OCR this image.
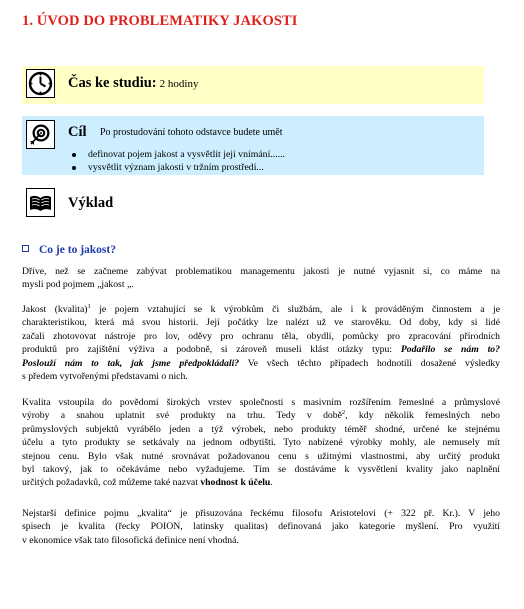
1. ÚVOD DO PROBLEMATIKY JAKOSTI
Čas ke studiu: 2 hodiny
Cíl Po prostudování tohoto odstavce budete umět
definovat pojem jakost a vysvětlit její vnímání......
vysvětlit význam jakosti v tržním prostředí...
Výklad
Co je to jakost?
Dříve, než se začneme zabývat problematikou managementu jakosti je nutné vyjasnit si, co máme na
mysli pod pojmem „jakost „.
Jakost (kvalita)$^1$ je pojem vztahující se k výrobkům či službám, ale i k prováděným činnostem a je
charakteristikou, která má svou historii. Její počátky lze nalézt už ve starověku. Od doby, kdy si lidé
začali zhotovovat nástroje pro lov, oděvy pro ochranu těla, obydlí, pomůcky pro zpracování přírodních
produktů pro zajištění výživa a podobně, si zároveň museli klást otázky typu: Podařilo se nám to?
Poslouží nám to tak, jak jsme předpokládali? Ve všech těchto případech hodnotili dosažené výsledky
s předem vytvořenými představami o nich.
Kvalita vstoupila do povědomí širokých vrstev společnosti s masivním rozšířením řemeslné a průmyslové
výroby a snahou uplatnit své produkty na trhu. Tedy v době$^2$, kdy několik řemeslných nebo
průmyslových subjektů vyrábělo jeden a týž výrobek, nebo produkty téměř shodné, určené ke stejnému
účelu a tyto produkty se setkávaly na jednom odbytišti. Tyto nabízené výrobky mohly, ale nemusely mít
stejnou cenu. Bylo však nutné srovnávat požadovanou cenu s užitnými vlastnostmi, aby určitý produkt
byl takový, jak to očekáváme nebo vyžadujeme. Tím se dostáváme k vysvětlení kvality jako naplnění
určitých požadavků, což můžeme také nazvat vhodnost k účelu.
Nejstarší definice pojmu „kvalita“ je přisuzována řeckému filosofu Aristotelovi (+ 322 př. Kr.). V jeho
spisech je kvalita (řecky POION, latinsky qualitas) definovaná jako kategorie myšlení. Pro využití
v ekonomice však tato filosofická definice není vhodná.
